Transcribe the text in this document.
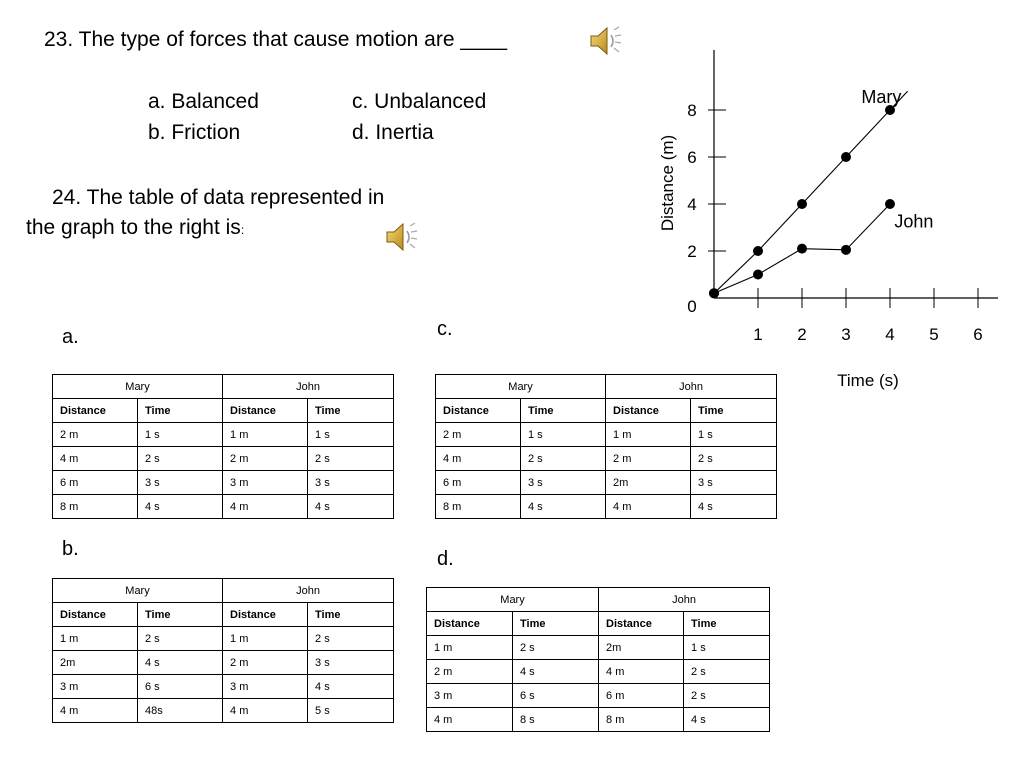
23. The type of forces that cause motion are ____
a. Balanced
b. Friction
c. Unbalanced
d. Inertia
24. The table of data represented in
the graph to the right is:
a.
b.
c.
d.
Mary		John	
Distance	Time	Distance	Time
2 m	1 s	1 m	1 s
4 m	2 s	2 m	2 s
6 m	3 s	3 m	3 s
8 m	4 s	4 m	4 s
Mary		John	
Distance	Time	Distance	Time
1 m	2 s	1 m	2 s
2m	4 s	2 m	3 s
3 m	6 s	3 m	4 s
4 m	48s	4 m	5 s
Mary		John	
Distance	Time	Distance	Time
2 m	1 s	1 m	1 s
4 m	2 s	2 m	2 s
6 m	3 s	2m	3 s
8 m	4 s	4 m	4 s
Mary		John	
Distance	Time	Distance	Time
1 m	2 s	2m	1 s
2 m	4 s	4 m	2 s
3 m	6 s	6 m	2 s
4 m	8 s	8 m	4 s
1 2 3 4 5 6
0
2
4
6
8
Time (s)
Distance (m)
Mary
John
